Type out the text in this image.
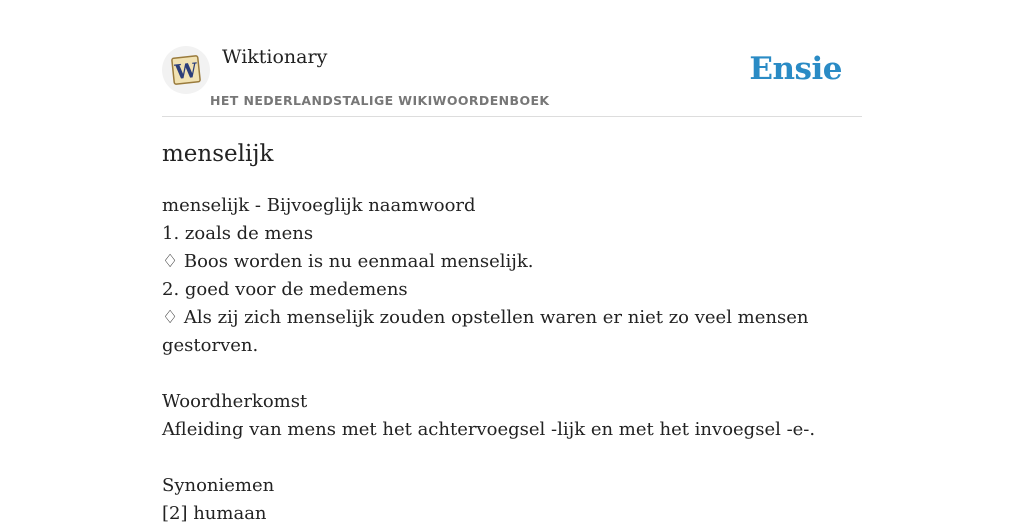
W
Wiktionary
HET NEDERLANDSTALIGE WIKIWOORDENBOEK
Ensie
menselijk
menselijk - Bijvoeglijk naamwoord
1. zoals de mens
♢ Boos worden is nu eenmaal menselijk.
2. goed voor de medemens
♢ Als zij zich menselijk zouden opstellen waren er niet zo veel mensen gestorven.
Woordherkomst
Afleiding van mens met het achtervoegsel -lijk en met het invoegsel -e-.
Synoniemen
[2] humaan
